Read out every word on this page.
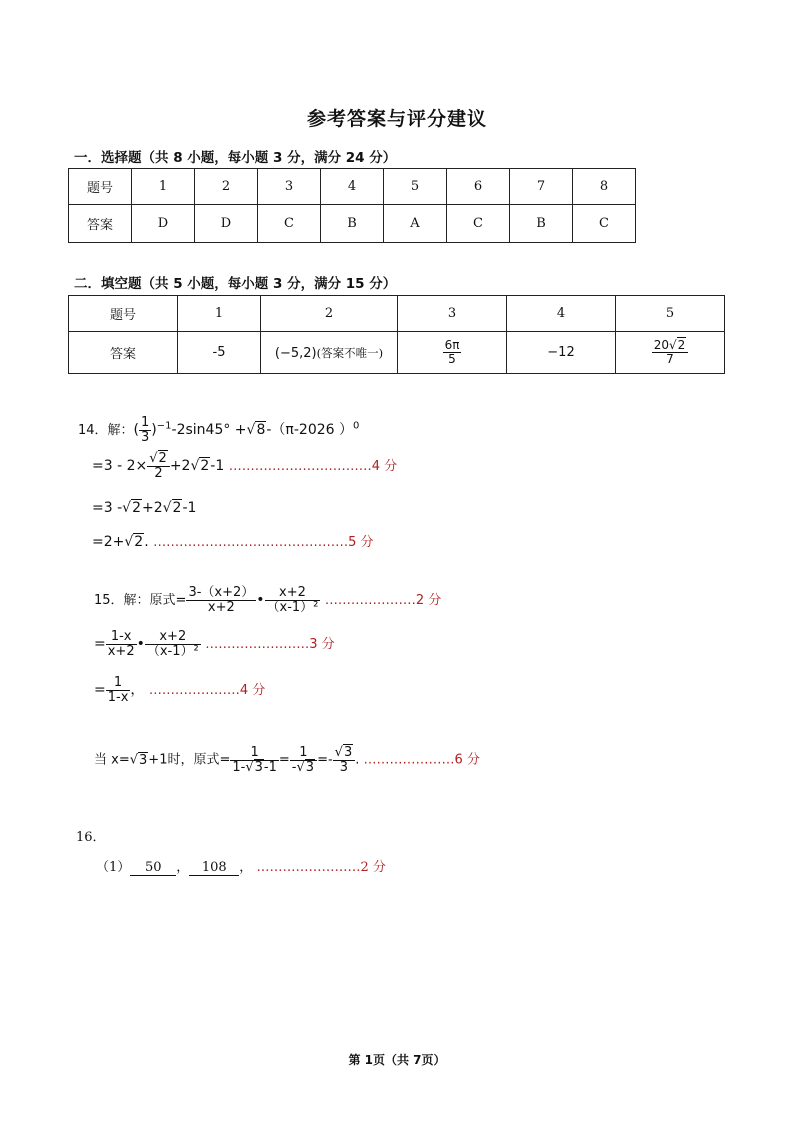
参考答案与评分建议
一．选择题（共 8 小题，每小题 3 分，满分 24 分）
题号	1	2	3	4	5	6	7	8
答案	D	D	C	B	A	C	B	C
二．填空题（共 5 小题，每小题 3 分，满分 15 分）
题号	1	2	3	4	5
答案	-5	(−5,2)(答案不唯一)	$\frac{6\pi}{5}$	−12	$\frac{20√2}{7}$
14．解：( $\frac{1}{3} )^{-1}-2\sin 45^\circ +√8-(\pi-2026$ ）$^0$
$=3 - 2\times \frac{√2}{2} +2√2-1$ ……………………………4 分
=3 -√2+2√2-1
=2+√2. ………………………………………5 分
15．解：原式= $\frac{3-(x+2)}{x+2}$ • $\frac{x+2}{\text{（x-1）²}}$ …………………2 分
= $\frac{1-x}{x+2}$ • $\frac{x+2}{\text{（x-1）²}}$ ……………………3 分
= $\frac{1}{1-x}$ ， …………………4 分
当 x=√3+1时，原式= $\frac{1}{1-√3-1} = \frac{1}{-√3} =- \frac{√3}{3}$ . …………………6 分
16．
（1） 50 ， 108 ， ……………………2 分
第 1页（共 7页）
